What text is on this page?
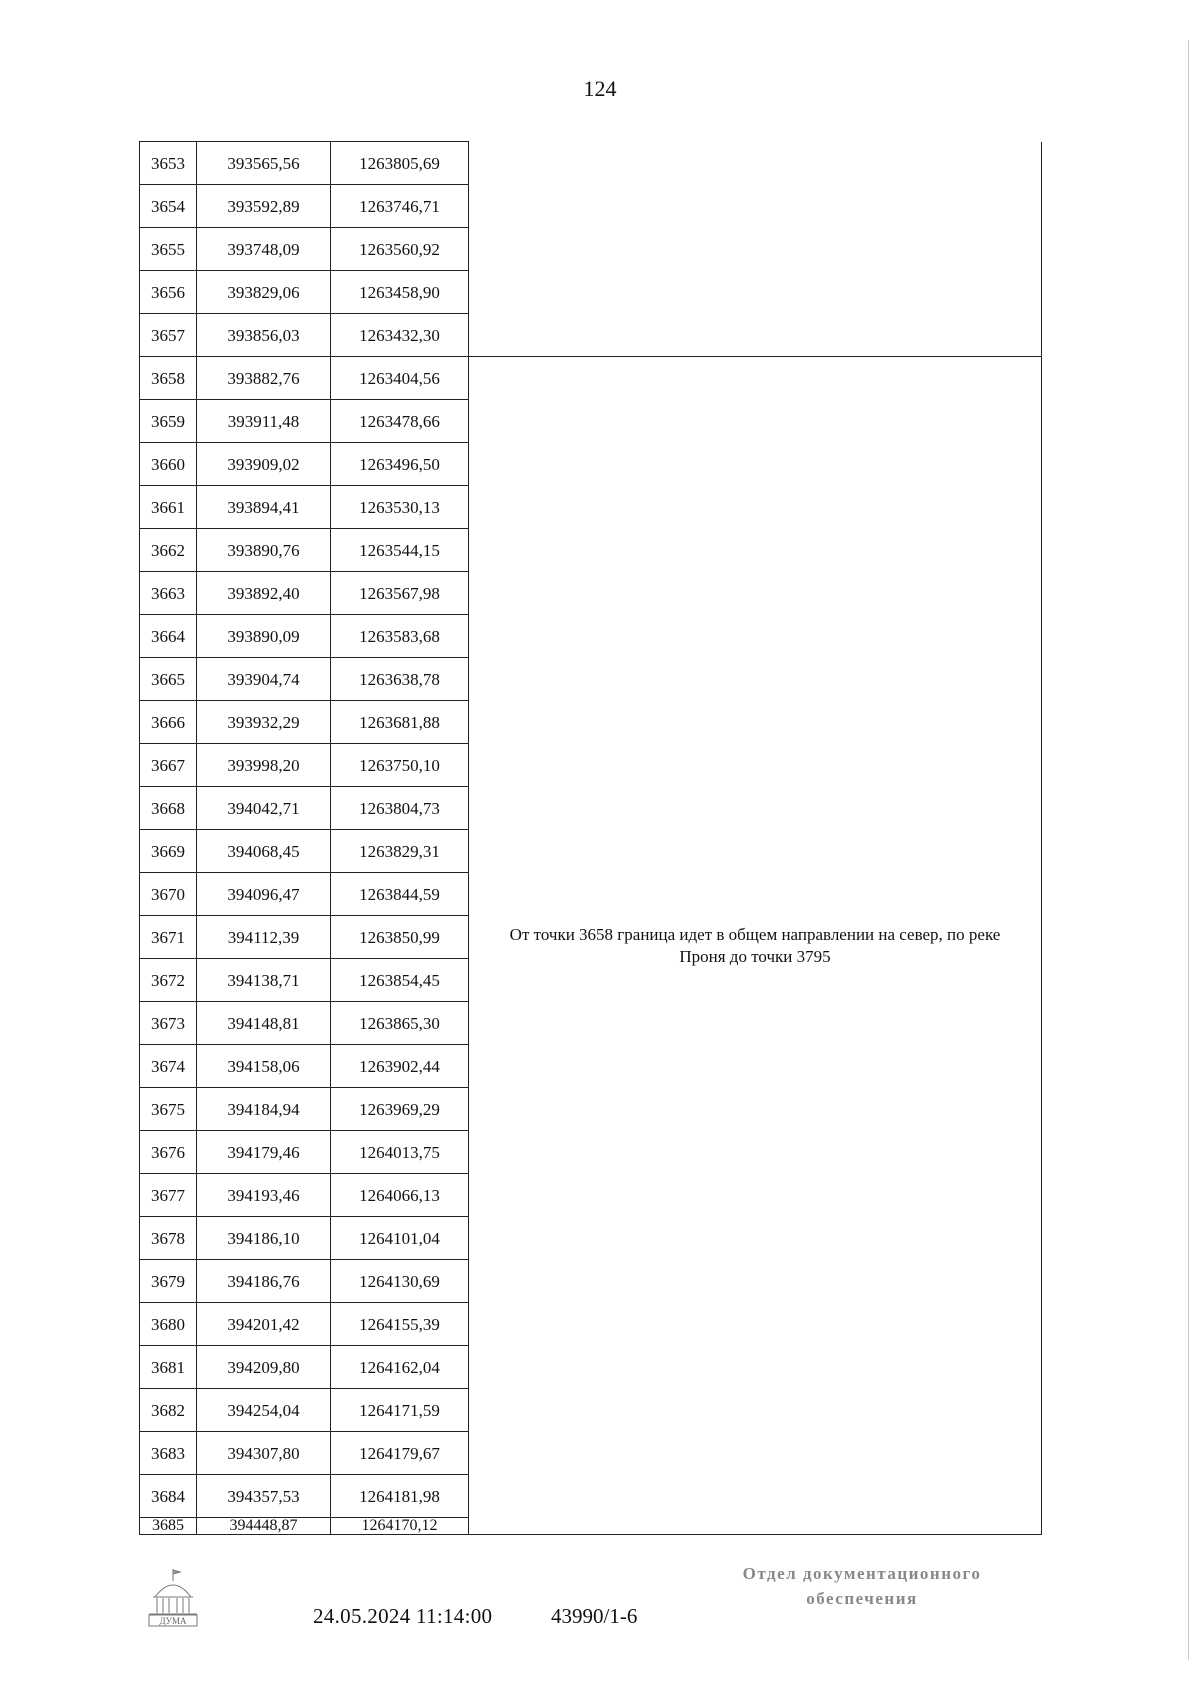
124
3653	393565,56	1263805,69	
3654	393592,89	1263746,71	
3655	393748,09	1263560,92	
3656	393829,06	1263458,90	
3657	393856,03	1263432,30	
3658	393882,76	1263404,56	От точки 3658 граница идет в общем направлении на север, по реке Проня до точки 3795
3659	393911,48	1263478,66	
3660	393909,02	1263496,50	
3661	393894,41	1263530,13	
3662	393890,76	1263544,15	
3663	393892,40	1263567,98	
3664	393890,09	1263583,68	
3665	393904,74	1263638,78	
3666	393932,29	1263681,88	
3667	393998,20	1263750,10	
3668	394042,71	1263804,73	
3669	394068,45	1263829,31	
3670	394096,47	1263844,59	
3671	394112,39	1263850,99	
3672	394138,71	1263854,45	
3673	394148,81	1263865,30	
3674	394158,06	1263902,44	
3675	394184,94	1263969,29	
3676	394179,46	1264013,75	
3677	394193,46	1264066,13	
3678	394186,10	1264101,04	
3679	394186,76	1264130,69	
3680	394201,42	1264155,39	
3681	394209,80	1264162,04	
3682	394254,04	1264171,59	
3683	394307,80	1264179,67	
3684	394357,53	1264181,98	
3685	394448,87	1264170,12	
ДУМА	24.05.2024 11:14:00	43990/1-6
Отдел документационного
обеспечения
